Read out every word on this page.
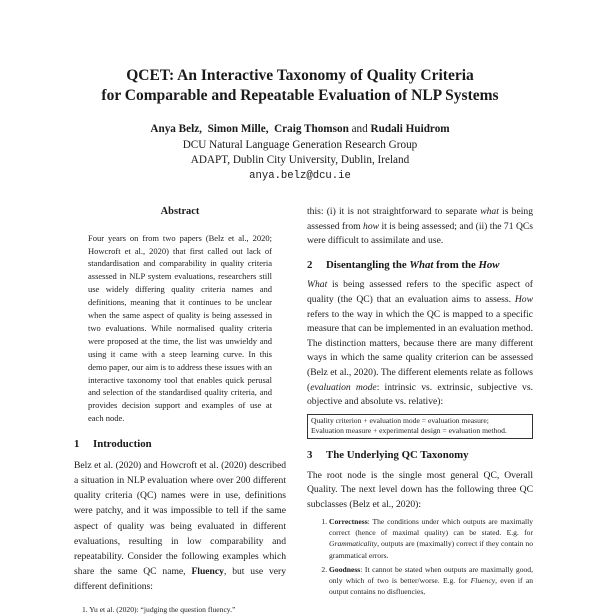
QCET: An Interactive Taxonomy of Quality Criteria
for Comparable and Repeatable Evaluation of NLP Systems
Anya Belz, Simon Mille, Craig Thomson and Rudali Huidrom
DCU Natural Language Generation Research Group
ADAPT, Dublin City University, Dublin, Ireland
anya.belz@dcu.ie
Abstract

Four years on from two papers (Belz et al., 2020; Howcroft et al., 2020) that first called out lack of standardisation and comparability in quality criteria assessed in NLP system evaluations, researchers still use widely differing quality criteria names and definitions, meaning that it continues to be unclear when the same aspect of quality is being assessed in two evaluations. While normalised quality criteria were proposed at the time, the list was unwieldy and using it came with a steep learning curve. In this demo paper, our aim is to address these issues with an interactive taxonomy tool that enables quick perusal and selection of the standardised quality criteria, and provides decision support and examples of use at each node.

1 Introduction

Belz et al. (2020) and Howcroft et al. (2020) described a situation in NLP evaluation where over 200 different quality criteria (QC) names were in use, definitions were patchy, and it was impossible to tell if the same aspect of quality was being evaluated in different evaluations, resulting in low comparability and repeatability. Consider the following examples which share the same QC name, Fluency, but use very different definitions:

1. Yu et al. (2020): “judging the question fluency.”

this: (i) it is not straightforward to separate what is being assessed from how it is being assessed; and (ii) the 71 QCs were difficult to assimilate and use.

2 Disentangling the What from the How

What is being assessed refers to the specific aspect of quality (the QC) that an evaluation aims to assess. How refers to the way in which the QC is mapped to a specific measure that can be implemented in an evaluation method. The distinction matters, because there are many different ways in which the same quality criterion can be assessed (Belz et al., 2020). The different elements relate as follows (evaluation mode: intrinsic vs. extrinsic, subjective vs. objective and absolute vs. relative):

Quality criterion + evaluation mode = evaluation measure;
Evaluation measure + experimental design = evaluation method.
3 The Underlying QC Taxonomy

The root node is the single most general QC, Overall Quality. The next level down has the following three QC subclasses (Belz et al., 2020):

1. Correctness: The conditions under which outputs are maximally correct (hence of maximal quality) can be stated. E.g. for Grammaticality, outputs are (maximally) correct if they contain no grammatical errors.
2. Goodness: It cannot be stated when outputs are maximally good, only which of two is better/worse. E.g. for Fluency, even if an output contains no disfluencies,
